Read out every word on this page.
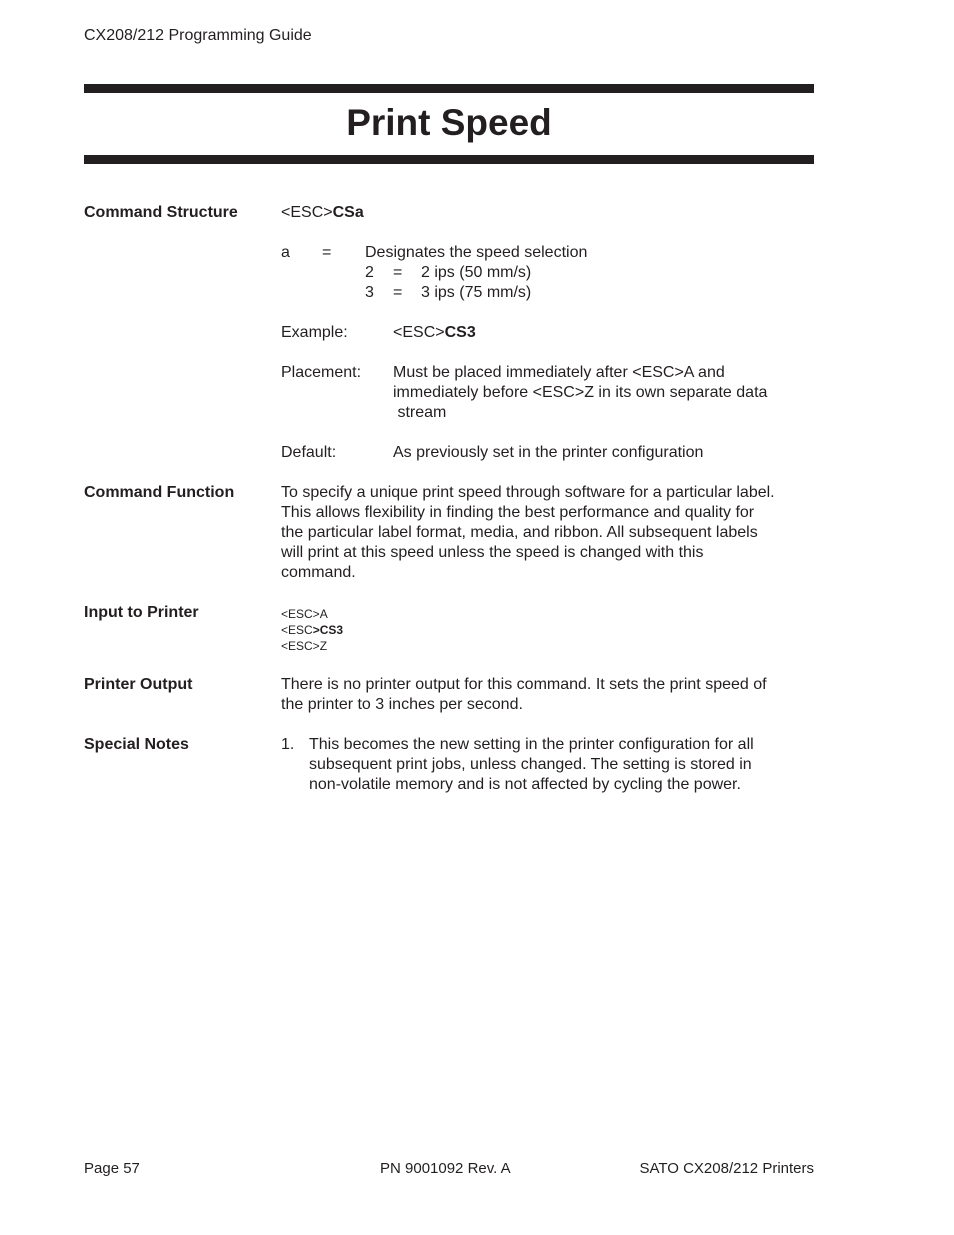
CX208/212 Programming Guide
Print Speed
Command Structure	<ESC>CSa
a = Designates the speed selection
2 = 2 ips (50 mm/s)
3 = 3 ips (75 mm/s)
Example:	<ESC>CS3
Placement: Must be placed immediately after <ESC>A and
immediately before <ESC>Z in its own separate data
stream
Default:	As previously set in the printer configuration
Command Function	To specify a unique print speed through software for a particular label.
This allows flexibility in finding the best performance and quality for
the particular label format, media, and ribbon. All subsequent labels
will print at this speed unless the speed is changed with this
command.
Input to Printer	<ESC>A
<ESC>CS3
<ESC>Z
Printer Output	There is no printer output for this command. It sets the print speed of
the printer to 3 inches per second.
Special Notes	1. This becomes the new setting in the printer configuration for all
subsequent print jobs, unless changed. The setting is stored in
non-volatile memory and is not affected by cycling the power.
Page 57	PN 9001092 Rev. A	SATO CX208/212 Printers
